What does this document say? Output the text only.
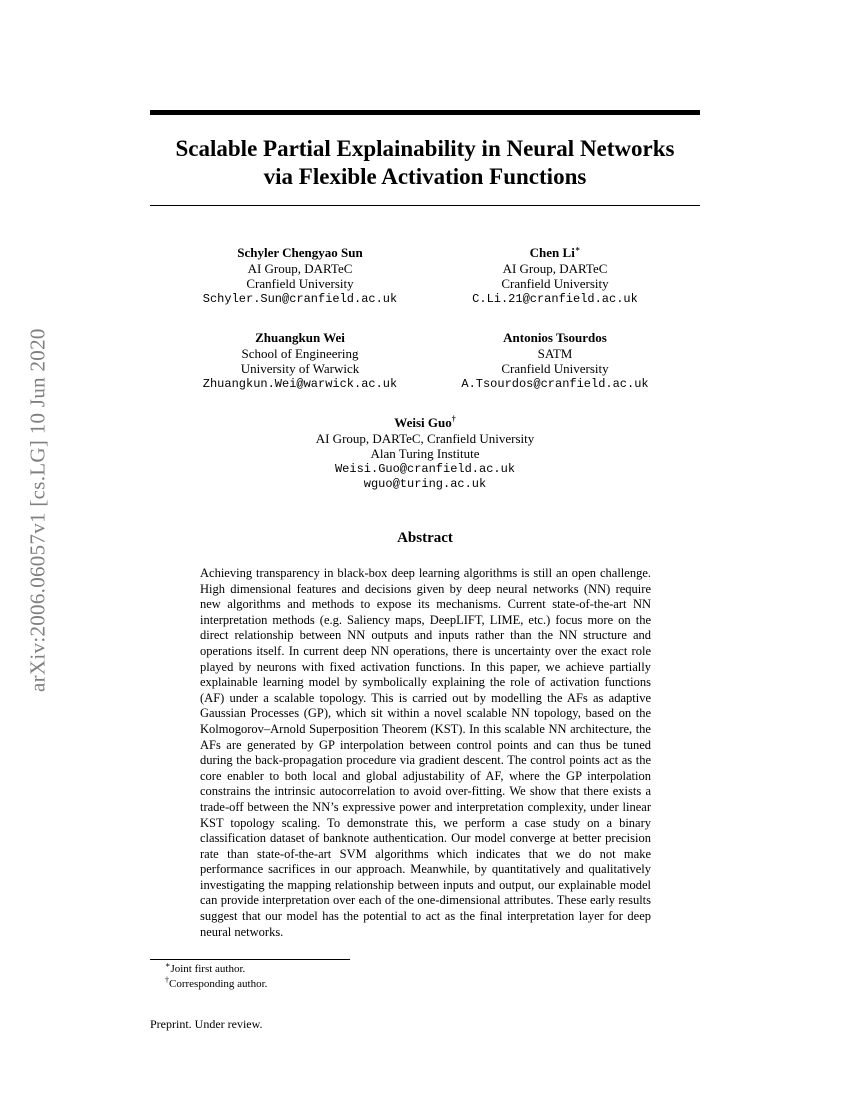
arXiv:2006.06057v1 [cs.LG] 10 Jun 2020
Scalable Partial Explainability in Neural Networks
via Flexible Activation Functions
Schyler Chengyao Sun
AI Group, DARTeC
Cranfield University
Schyler.Sun@cranfield.ac.uk
Chen Li∗
AI Group, DARTeC
Cranfield University
C.Li.21@cranfield.ac.uk
Zhuangkun Wei
School of Engineering
University of Warwick
Zhuangkun.Wei@warwick.ac.uk
Antonios Tsourdos
SATM
Cranfield University
A.Tsourdos@cranfield.ac.uk
Weisi Guo†
AI Group, DARTeC, Cranfield University
Alan Turing Institute
Weisi.Guo@cranfield.ac.uk
wguo@turing.ac.uk
Abstract
Achieving transparency in black-box deep learning algorithms is still an open challenge. High dimensional features and decisions given by deep neural networks (NN) require new algorithms and methods to expose its mechanisms. Current state-of-the-art NN interpretation methods (e.g. Saliency maps, DeepLIFT, LIME, etc.) focus more on the direct relationship between NN outputs and inputs rather than the NN structure and operations itself. In current deep NN operations, there is uncertainty over the exact role played by neurons with fixed activation functions. In this paper, we achieve partially explainable learning model by symbolically explaining the role of activation functions (AF) under a scalable topology. This is carried out by modelling the AFs as adaptive Gaussian Processes (GP), which sit within a novel scalable NN topology, based on the Kolmogorov–Arnold Superposition Theorem (KST). In this scalable NN architecture, the AFs are generated by GP interpolation between control points and can thus be tuned during the back-propagation procedure via gradient descent. The control points act as the core enabler to both local and global adjustability of AF, where the GP interpolation constrains the intrinsic autocorrelation to avoid over-fitting. We show that there exists a trade-off between the NN’s expressive power and interpretation complexity, under linear KST topology scaling. To demonstrate this, we perform a case study on a binary classification dataset of banknote authentication. Our model converge at better precision rate than state-of-the-art SVM algorithms which indicates that we do not make performance sacrifices in our approach. Meanwhile, by quantitatively and qualitatively investigating the mapping relationship between inputs and output, our explainable model can provide interpretation over each of the one-dimensional attributes. These early results suggest that our model has the potential to act as the final interpretation layer for deep neural networks.
∗Joint first author.
†Corresponding author.
Preprint. Under review.
